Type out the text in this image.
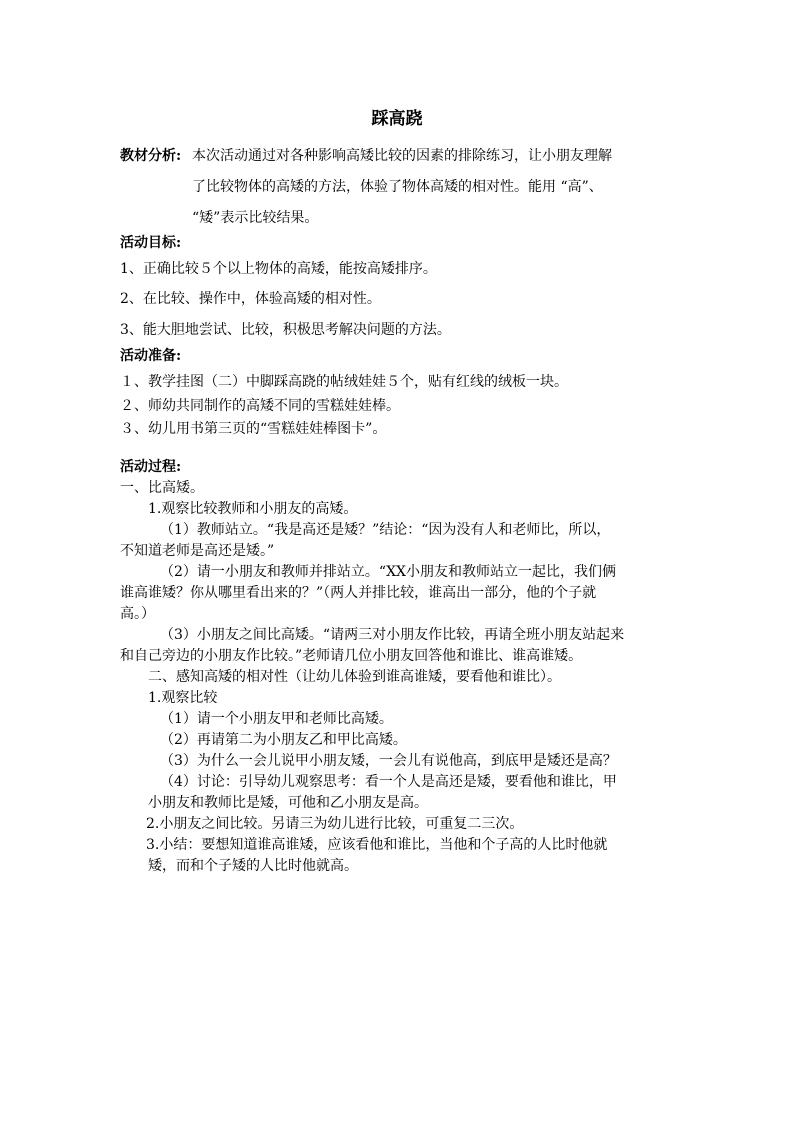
踩高跷
教材分析: 本次活动通过对各种影响高矮比较的因素的排除练习，让小朋友理解
了比较物体的高矮的方法，体验了物体高矮的相对性。能用 “高”、
“矮”表示比较结果。
活动目标:
1、正确比较５个以上物体的高矮，能按高矮排序。
2、在比较、操作中，体验高矮的相对性。
3、能大胆地尝试、比较，积极思考解决问题的方法。
活动准备:
１、教学挂图（二）中脚踩高跷的帖绒娃娃５个，贴有红线的绒板一块。
２、师幼共同制作的高矮不同的雪糕娃娃棒。
３、幼儿用书第三页的“雪糕娃娃棒图卡”。
活动过程:
一、比高矮。
1.观察比较教师和小朋友的高矮。
（1）教师站立。“我是高还是矮？”结论：“因为没有人和老师比，所以，
不知道老师是高还是矮。”
（2）请一小朋友和教师并排站立。“ⅩⅩ小朋友和教师站立一起比，我们俩
谁高谁矮？你从哪里看出来的？”（两人并排比较，谁高出一部分，他的个子就
高。）
（3）小朋友之间比高矮。“请两三对小朋友作比较，再请全班小朋友站起来
和自己旁边的小朋友作比较。”老师请几位小朋友回答他和谁比、谁高谁矮。
二、感知高矮的相对性（让幼儿体验到谁高谁矮，要看他和谁比）。
1.观察比较
（1）请一个小朋友甲和老师比高矮。
（2）再请第二为小朋友乙和甲比高矮。
（3）为什么一会儿说甲小朋友矮，一会儿有说他高，到底甲是矮还是高？
（4）讨论：引导幼儿观察思考：看一个人是高还是矮，要看他和谁比，甲
小朋友和教师比是矮，可他和乙小朋友是高。
2.小朋友之间比较。另请三为幼儿进行比较，可重复二三次。
3.小结：要想知道谁高谁矮，应该看他和谁比，当他和个子高的人比时他就
矮，而和个子矮的人比时他就高。
